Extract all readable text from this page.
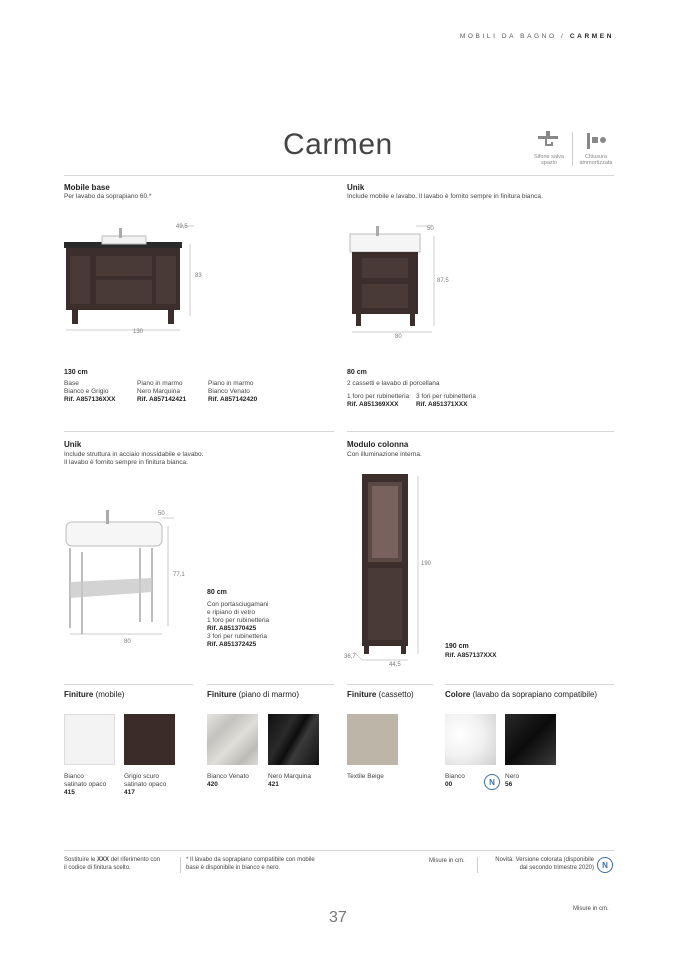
MOBILI DA BAGNO / CARMEN
Carmen	Sifone salva
spazio
Chiusura
ammortizzata
Mobile base
Per lavabo da soprapiano 60.*
49,5
83
130
130 cm
Base
Bianco e Grigio
Rif. A857136XXX
Piano in marmo
Nero Marquina
Rif. A857142421
Piano in marmo
Bianco Venato
Rif. A857142420
Unik
Include mobile e lavabo. Il lavabo è fornito sempre in finitura bianca.
50
87,5
80
80 cm
2 cassetti e lavabo di porcellana
1 foro per rubinetteria
Rif. A851369XXX
3 fori per rubinetteria
Rif. A851371XXX
Unik
Include struttura in acciaio inossidabile e lavabo.
Il lavabo è fornito sempre in finitura bianca.
50
77,1
80
80 cm
Con portasciugamani
e ripiano di vetro
1 foro per rubinetteria
Rif. A851370425
3 fori per rubinetteria
Rif. A851372425
Modulo colonna
Con illuminazione interna.
190
36,7
44,5
190 cm
Rif. A857137XXX
Finiture (mobile)	Finiture (piano di marmo)	Finiture (cassetto)	Colore (lavabo da soprapiano compatibile)
Bianco
satinato opaco
415
Grigio scuro
satinato opaco
417
Bianco Venato
420
Nero Marquina
421
Textile Beige	Bianco
00	N
Nero
56
Sostituire le XXX del riferimento con
il codice di finitura scelto.
* Il lavabo da soprapiano compatibile con mobile
base è disponibile in bianco e nero.
Misure in cm.	Novità: Versione colorata (disponibile
dal secondo trimestre 2020)	N
Misure in cm.
37
